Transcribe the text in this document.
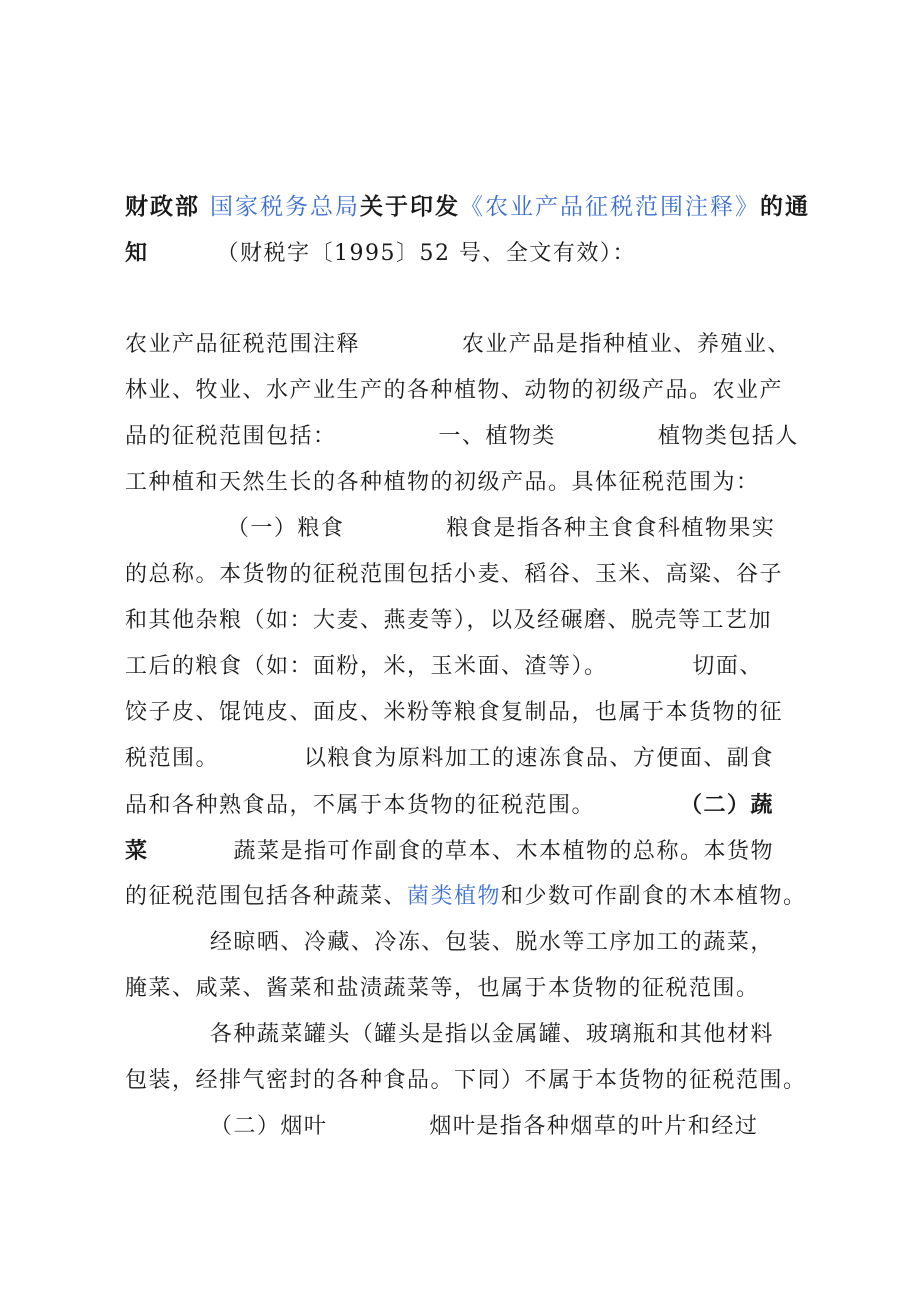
财政部 国家税务总局关于印发《农业产品征税范围注释》的通
知        （财税字〔1995〕52 号、全文有效）：
农业产品征税范围注释            农业产品是指种植业、养殖业、
林业、牧业、水产业生产的各种植物、动物的初级产品。农业产
品的征税范围包括：            一、植物类            植物类包括人
工种植和天然生长的各种植物的初级产品。具体征税范围为：
（一）粮食            粮食是指各种主食食科植物果实
的总称。本货物的征税范围包括小麦、稻谷、玉米、高粱、谷子
和其他杂粮（如：大麦、燕麦等），以及经碾磨、脱壳等工艺加
工后的粮食（如：面粉，米，玉米面、渣等）。          切面、
饺子皮、馄饨皮、面皮、米粉等粮食复制品，也属于本货物的征
税范围。          以粮食为原料加工的速冻食品、方便面、副食
品和各种熟食品，不属于本货物的征税范围。          （二）蔬
菜          蔬菜是指可作副食的草本、木本植物的总称。本货物
的征税范围包括各种蔬菜、菌类植物和少数可作副食的木本植物。
经晾晒、冷藏、冷冻、包装、脱水等工序加工的蔬菜，
腌菜、咸菜、酱菜和盐渍蔬菜等，也属于本货物的征税范围。
各种蔬菜罐头（罐头是指以金属罐、玻璃瓶和其他材料
包装，经排气密封的各种食品。下同）不属于本货物的征税范围。
（二）烟叶            烟叶是指各种烟草的叶片和经过
